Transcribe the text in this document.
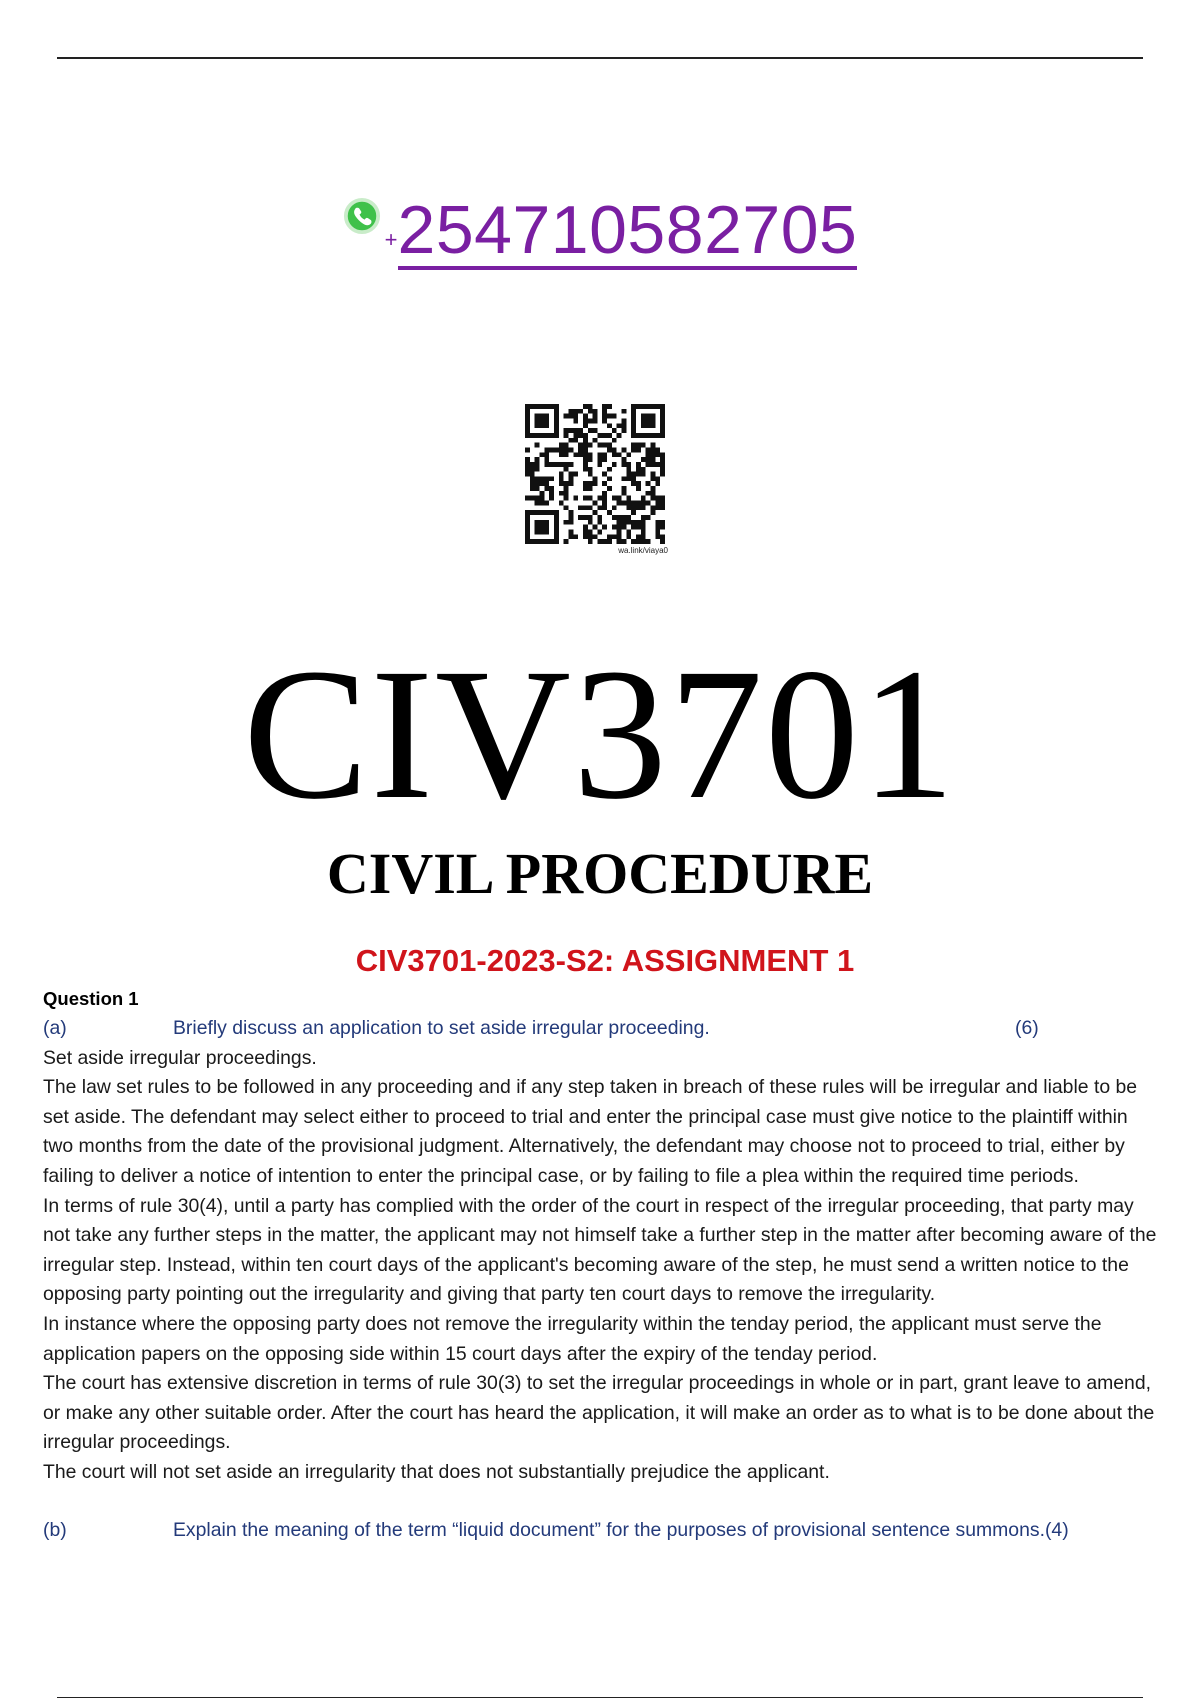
+254710582705
wa.link/viaya0
CIV3701
CIVIL PROCEDURE
CIV3701-2023-S2: ASSIGNMENT 1
Question 1
(a)	Briefly discuss an application to set aside irregular proceeding.	(6)

Set aside irregular proceedings.

The law set rules to be followed in any proceeding and if any step taken in breach of these rules will be irregular and liable to be set aside. The defendant may select either to proceed to trial and enter the principal case must give notice to the plaintiff within two months from the date of the provisional judgment. Alternatively, the defendant may choose not to proceed to trial, either by failing to deliver a notice of intention to enter the principal case, or by failing to file a plea within the required time periods.

In terms of rule 30(4), until a party has complied with the order of the court in respect of the irregular proceeding, that party may not take any further steps in the matter, the applicant may not himself take a further step in the matter after becoming aware of the irregular step. Instead, within ten court days of the applicant's becoming aware of the step, he must send a written notice to the opposing party pointing out the irregularity and giving that party ten court days to remove the irregularity.

In instance where the opposing party does not remove the irregularity within the tenday period, the applicant must serve the application papers on the opposing side within 15 court days after the expiry of the tenday period.

The court has extensive discretion in terms of rule 30(3) to set the irregular proceedings in whole or in part, grant leave to amend, or make any other suitable order. After the court has heard the application, it will make an order as to what is to be done about the irregular proceedings.

The court will not set aside an irregularity that does not substantially prejudice the applicant.

(b)	Explain the meaning of the term “liquid document” for the purposes of provisional sentence summons.(4)
